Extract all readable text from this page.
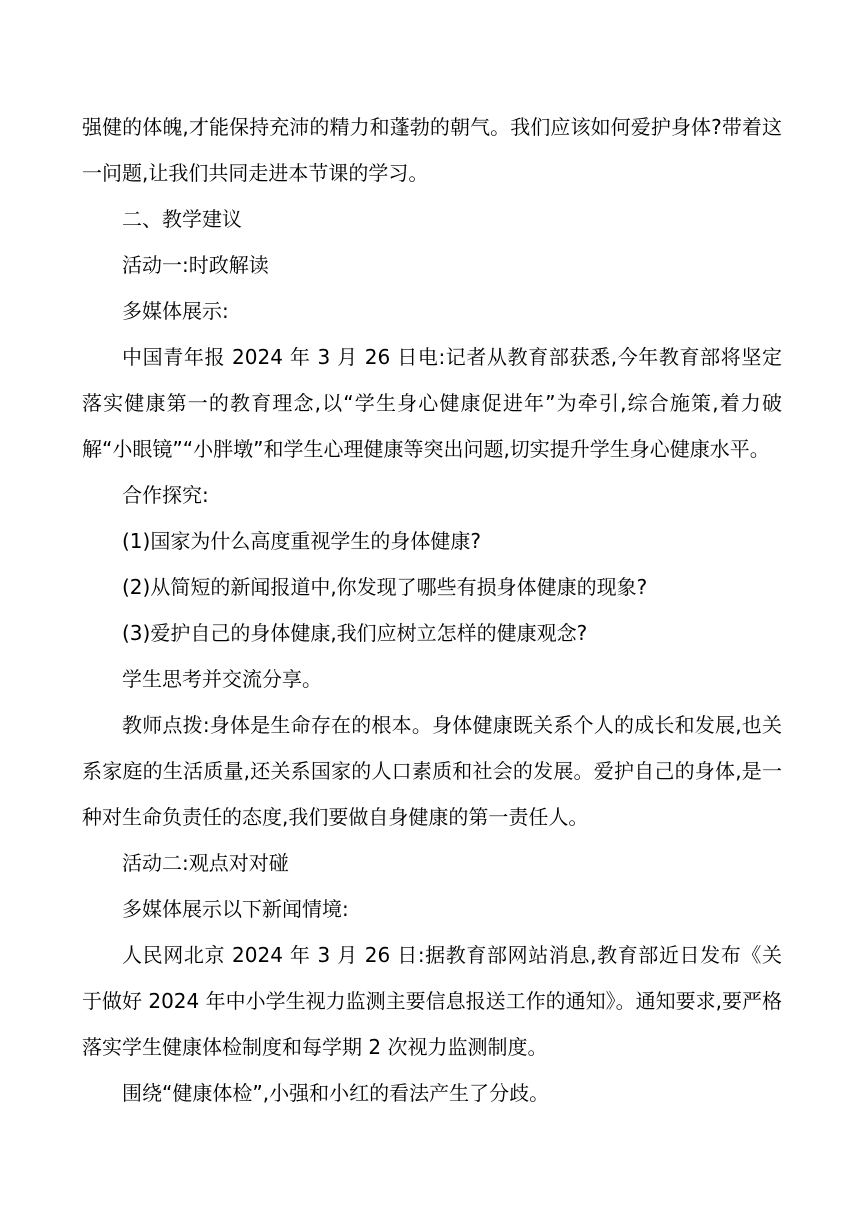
强健的体魄,才能保持充沛的精力和蓬勃的朝气。我们应该如何爱护身体?带着这一问题,让我们共同走进本节课的学习。

二、教学建议

活动一:时政解读

多媒体展示:

中国青年报 2024 年 3 月 26 日电:记者从教育部获悉,今年教育部将坚定落实健康第一的教育理念,以“学生身心健康促进年”为牵引,综合施策,着力破解“小眼镜”“小胖墩”和学生心理健康等突出问题,切实提升学生身心健康水平。

合作探究:

(1)国家为什么高度重视学生的身体健康?

(2)从简短的新闻报道中,你发现了哪些有损身体健康的现象?

(3)爱护自己的身体健康,我们应树立怎样的健康观念?

学生思考并交流分享。

教师点拨:身体是生命存在的根本。身体健康既关系个人的成长和发展,也关系家庭的生活质量,还关系国家的人口素质和社会的发展。爱护自己的身体,是一种对生命负责任的态度,我们要做自身健康的第一责任人。

活动二:观点对对碰

多媒体展示以下新闻情境:

人民网北京 2024 年 3 月 26 日:据教育部网站消息,教育部近日发布《关于做好 2024 年中小学生视力监测主要信息报送工作的通知》。通知要求,要严格落实学生健康体检制度和每学期 2 次视力监测制度。

围绕“健康体检”,小强和小红的看法产生了分歧。
